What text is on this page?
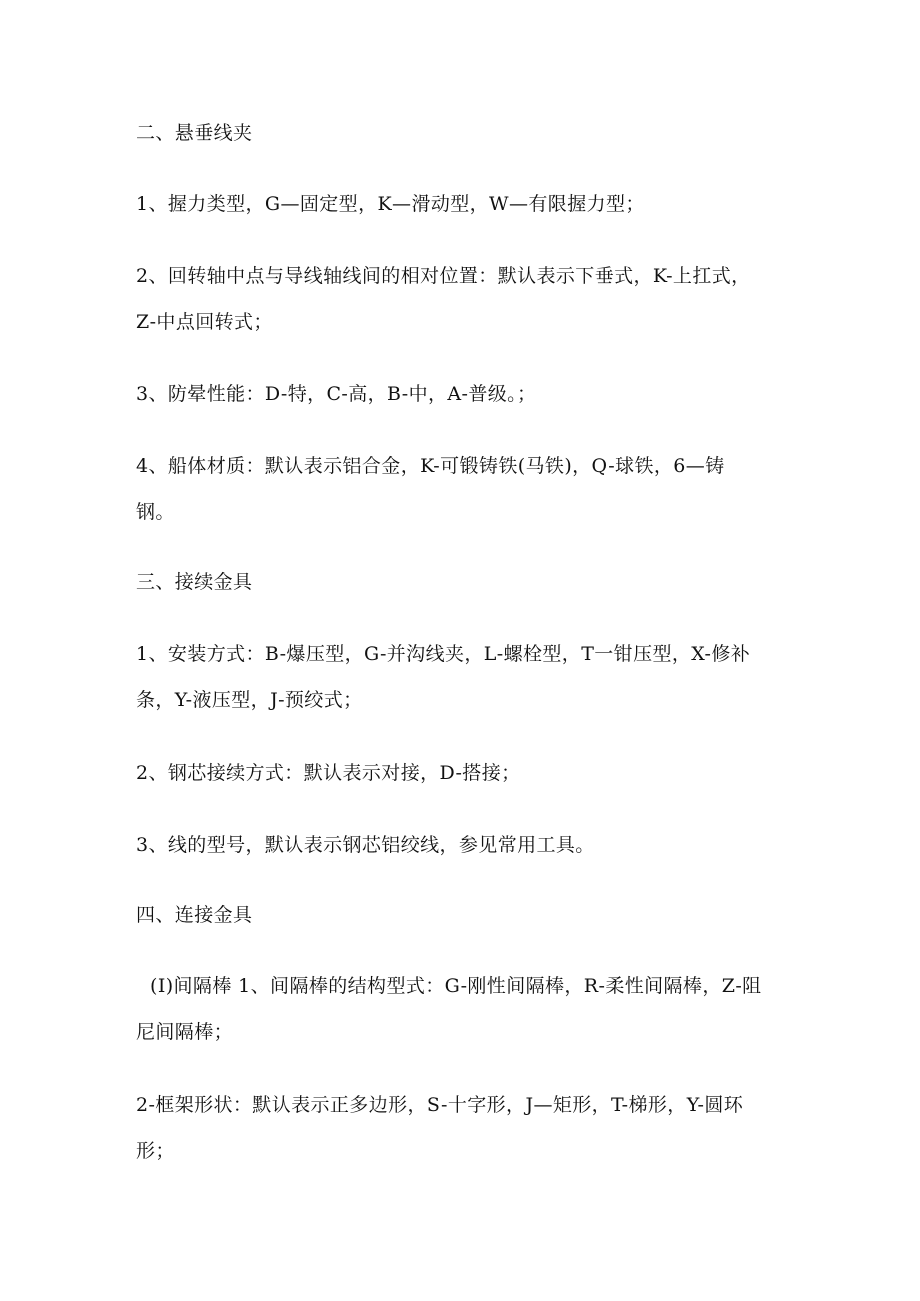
二、悬垂线夹
1、握力类型，G—固定型，K—滑动型，W—有限握力型；
2、回转轴中点与导线轴线间的相对位置：默认表示下垂式，K-上扛式，
Z-中点回转式；
3、防晕性能：D-特，C-高，B-中，A-普级。；
4、船体材质：默认表示铝合金，K-可锻铸铁(马铁)，Q-球铁，6—铸
钢。
三、接续金具
1、安装方式：B-爆压型，G-并沟线夹，L-螺栓型，T一钳压型，X-修补
条，Y-液压型，J-预绞式；
2、钢芯接续方式：默认表示对接，D-搭接；
3、线的型号，默认表示钢芯铝绞线，参见常用工具。
四、连接金具
(I)间隔棒 1、间隔棒的结构型式：G-刚性间隔棒，R-柔性间隔棒，Z-阻
尼间隔棒；
2-框架形状：默认表示正多边形，S-十字形，J—矩形，T-梯形，Y-圆环
形；
